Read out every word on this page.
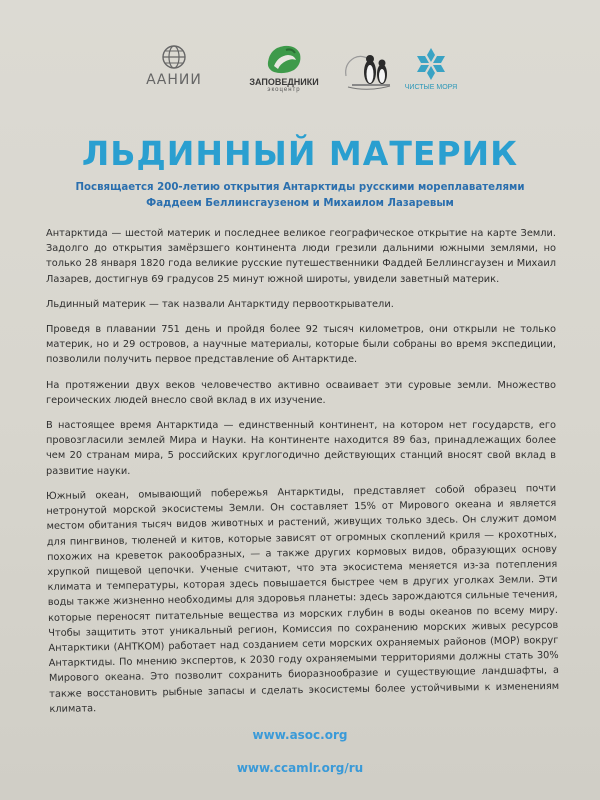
ААНИИ	ЗАПОВЕДНИКИ
экоцентр	ЧИСТЫЕ МОРЯ
ЛЬДИННЫЙ МАТЕРИК
Посвящается 200-летию открытия Антарктиды русскими мореплавателями
Фаддеем Беллинсгаузеном и Михаилом Лазаревым

Антарктида — шестой материк и последнее великое географическое открытие на карте Земли. Задолго до открытия замёрзшего континента люди грезили дальними южными землями, но только 28 января 1820 года великие русские путешественники Фаддей Беллинсгаузен и Михаил Лазарев, достигнув 69 градусов 25 минут южной широты, увидели заветный материк.

Льдинный материк — так назвали Антарктиду первооткрыватели.

Проведя в плавании 751 день и пройдя более 92 тысяч километров, они открыли не только материк, но и 29 островов, а научные материалы, которые были собраны во время экспедиции, позволили получить первое представление об Антарктиде.

На протяжении двух веков человечество активно осваивает эти суровые земли. Множество героических людей внесло свой вклад в их изучение.

В настоящее время Антарктида — единственный континент, на котором нет государств, его провозгласили землей Мира и Науки. На континенте находится 89 баз, принадлежащих более чем 20 странам мира, 5 российских круглогодично действующих станций вносят свой вклад в развитие науки.

Южный океан, омывающий побережья Антарктиды, представляет собой образец почти нетронутой морской экосистемы Земли. Он составляет 15% от Мирового океана и является местом обитания тысяч видов животных и растений, живущих только здесь. Он служит домом для пингвинов, тюленей и китов, которые зависят от огромных скоплений криля — крохотных, похожих на креветок ракообразных, — а также других кормовых видов, образующих основу хрупкой пищевой цепочки. Ученые считают, что эта экосистема меняется из-за потепления климата и температуры, которая здесь повышается быстрее чем в других уголках Земли. Эти воды также жизненно необходимы для здоровья планеты: здесь зарождаются сильные течения, которые переносят питательные вещества из морских глубин в воды океанов по всему миру. Чтобы защитить этот уникальный регион, Комиссия по сохранению морских живых ресурсов Антарктики (АНТКОМ) работает над созданием сети морских охраняемых районов (МОР) вокруг Антарктиды. По мнению экспертов, к 2030 году охраняемыми территориями должны стать 30% Мирового океана. Это позволит сохранить биоразнообразие и существующие ландшафты, а также восстановить рыбные запасы и сделать экосистемы более устойчивыми к изменениям климата.

www.asoc.org
www.ccamlr.org/ru
